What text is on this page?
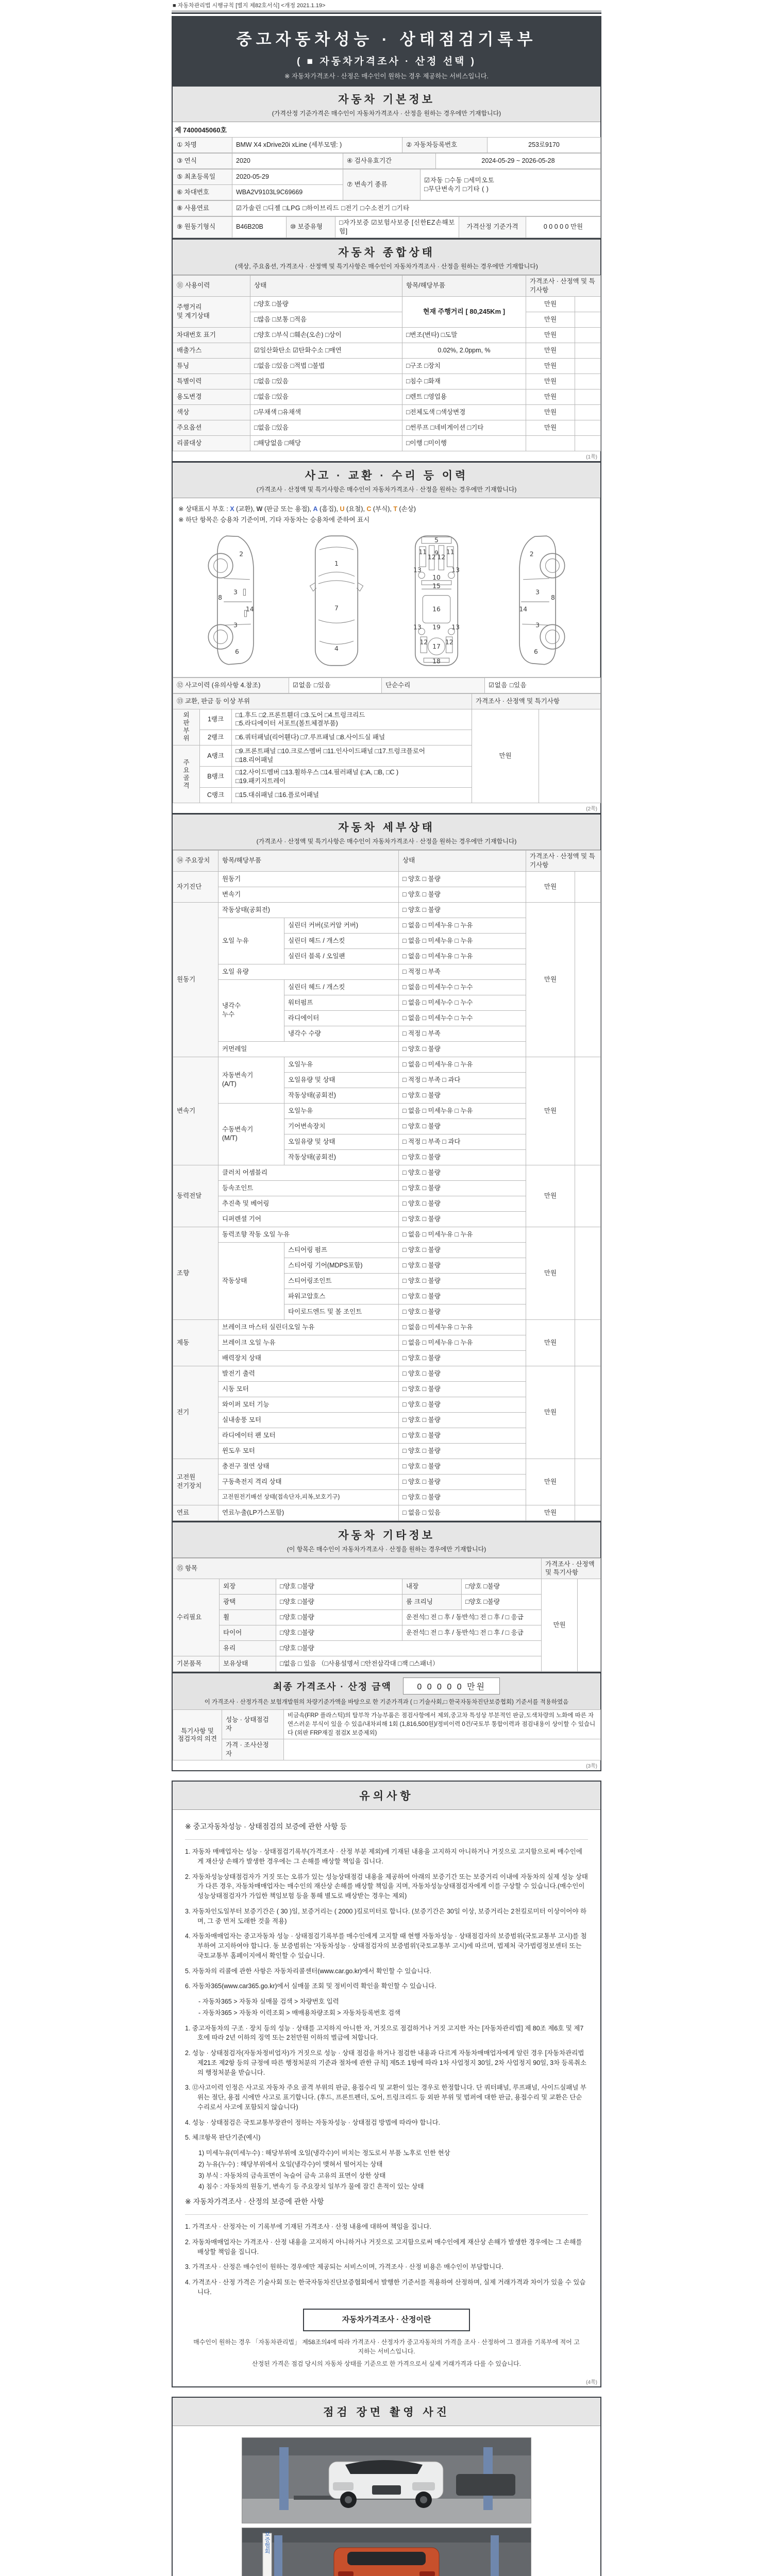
■ 자동차관리법 시행규칙 [별지 제82호서식] <개정 2021.1.19>
중고자동차성능 · 상태점검기록부
( ■ 자동차가격조사 · 산정 선택 )
※ 자동차가격조사 · 산정은 매수인이 원하는 경우 제공하는 서비스입니다.
자동차 기본정보
(가격산정 기준가격은 매수인이 자동차가격조사 · 산정을 원하는 경우에만 기재합니다)
제 7400045060호
① 차명	BMW X4 xDrive20i xLine (세부모델: )	② 자동차등록번호	253로9170
③ 연식	2020	④ 검사유효기간	2024-05-29 ~ 2026-05-28
⑤ 최초등록일	2020-05-29	⑦ 변속기 종류	☑자동 □수동 □세미오토
□무단변속기 □기타 ( )

⑥ 차대번호	WBA2V9103L9C69669		
⑧ 사용연료	☑가솔린 □디젤 □LPG □하이브리드 □전기 □수소전기 □기타
⑨ 원동기형식	B46B20B	⑩ 보증유형	□자가보증 ☑보험사보증 [신한EZ손해보험]	가격산정 기준가격	0 0 0 0 0 만원
자동차 종합상태
(색상, 주요옵션, 가격조사 · 산정액 및 특기사항은 매수인이 자동차가격조사 · 산정을 원하는 경우에만 기재합니다)
⑪ 사용이력	상태	항목/해당부품	가격조사 · 산정액 및 특기사항	
주행거리
및 계기상태	□양호 □불량	현재 주행거리 [ 80,245Km ]	만원	
	□많음 □보통 □적음		만원	
차대번호 표기	□양호 □부식 □훼손(오손) □상이	□변조(변타) □도말	만원	
배출가스	☑일산화탄소 ☑탄화수소 □매연	0.02%, 2.0ppm, %	만원	
튜닝	□없음 □있음 □적법 □불법	□구조 □장치	만원	
특별이력	□없음 □있음	□침수 □화재	만원	
용도변경	□없음 □있음	□렌트 □영업용	만원	
색상	□무채색 □유채색	□전체도색 □색상변경	만원	
주요옵션	□없음 □있음	□썬루프 □네비게이션 □기타	만원	
리콜대상	□해당없음 □해당	□이행 □미이행		
(1쪽)
사고 · 교환 · 수리 등 이력
(가격조사 · 산정액 및 특기사항은 매수인이 자동차가격조사 · 산정을 원하는 경우에만 기재합니다)
※ 상태표시 부호 : X (교환), W (판금 또는 용접), A (흠집), U (요철), C (부식), T (손상)
※ 하단 항목은 승용차 기준이며, 기타 자동차는 승용차에 준하여 표시
2
8
3
14
3
6
1
7
4
5
9
11	11
13	13
12 12
10
15
16
13 19 13
12
17
12
18
2
8
3
14
3
6
⑫ 사고이력 (유의사항 4.참조)	☑없음 □있음	단순수리	☑없음 □있음
⑬ 교환, 판금 등 이상 부위			가격조사 · 산정액 및 특기사항	
외
판
부
위
	1랭크	□1.후드 □2.프론트휀더 □3.도어 □4.트렁크리드
□5.라디에이터 서포트(볼트체결부품)
	만원	
	2랭크	□6.쿼터패널(리어휀다) □7.루프패널 □8.사이드실 패널		
주
요
골
격
	A랭크	□9.프론트패널 □10.크로스멤버 □11.인사이드패널 □17.트렁크플로어
□18.리어패널

	B랭크	□12.사이드멤버 □13.휠하우스 □14.필러패널 (□A, □B, □C )
□19.패키지트레이		

	C랭크	□15.대쉬패널 □16.플로어패널		
(2쪽)
자동차 세부상태
(가격조사 · 산정액 및 특기사항은 매수인이 자동차가격조사 · 산정을 원하는 경우에만 기재합니다)
⑭ 주요장치	항목/해당부품		상태	가격조사 · 산정액 및 특기사항	
자기진단	원동기		□ 양호 □ 불량	만원	
	변속기		□ 양호 □ 불량		
원동기	작동상태(공회전)		□ 양호 □ 불량	만원	
	오일 누유	실린더 커버(로커암 커버)	□ 없음 □ 미세누유 □ 누유		
		실린더 헤드 / 개스킷	□ 없음 □ 미세누유 □ 누유		
		실린더 블록 / 오일팬	□ 없음 □ 미세누유 □ 누유		
	오일 유량		□ 적정 □ 부족		
	냉각수
누수	실린더 헤드 / 개스킷	□ 없음 □ 미세누수 □ 누수		
		워터펌프	□ 없음 □ 미세누수 □ 누수		
		라디에이터	□ 없음 □ 미세누수 □ 누수		
		냉각수 수량	□ 적정 □ 부족		
	커먼레일		□ 양호 □ 불량		
변속기	자동변속기
(A/T)	오일누유	□ 없음 □ 미세누유 □ 누유	만원	
		오일유량 및 상태	□ 적정 □ 부족 □ 과다		
		작동상태(공회전)	□ 양호 □ 불량		
	수동변속기
(M/T)	오일누유	□ 없음 □ 미세누유 □ 누유		
		기어변속장치	□ 양호 □ 불량		
		오일유량 및 상태	□ 적정 □ 부족 □ 과다		
		작동상태(공회전)	□ 양호 □ 불량		
동력전달	클러치 어셈블리		□ 양호 □ 불량	만원	
	등속조인트		□ 양호 □ 불량		
	추진축 및 베어링		□ 양호 □ 불량		
	디퍼렌셜 기어		□ 양호 □ 불량		
조향	동력조향 작동 오일 누유		□ 없음 □ 미세누유 □ 누유	만원	
	작동상태	스티어링 펌프	□ 양호 □ 불량		
		스티어링 기어(MDPS포함)	□ 양호 □ 불량		
		스티어링조인트	□ 양호 □ 불량		
		파워고압호스	□ 양호 □ 불량		
		타이로드엔드 및 볼 조인트	□ 양호 □ 불량		
제동	브레이크 마스터 실린더오일 누유		□ 없음 □ 미세누유 □ 누유	만원	
	브레이크 오일 누유		□ 없음 □ 미세누유 □ 누유		
	배력장치 상태		□ 양호 □ 불량		
전기	발전기 출력		□ 양호 □ 불량	만원	
	시동 모터		□ 양호 □ 불량		
	와이퍼 모터 기능		□ 양호 □ 불량		
	실내송풍 모터		□ 양호 □ 불량		
	라디에이터 팬 모터		□ 양호 □ 불량		
	윈도우 모터		□ 양호 □ 불량		
고전원
전기장치	충전구 절연 상태		□ 양호 □ 불량	만원	
	구동축전지 격리 상태		□ 양호 □ 불량		
	고전원전기배선 상태(접속단자,피복,보호기구)		□ 양호 □ 불량		
연료	연료누출(LP가스포함)		□ 없음 □ 있음	만원	
자동차 기타정보
(이 항목은 매수인이 자동차가격조사 · 산정을 원하는 경우에만 기재합니다)
⑮ 항목					가격조사 · 산정액 및 특기사항	
수리필요	외장	□양호 □불량	내장	□양호 □불량	만원	
	광택	□양호 □불량	룸 크리닝	□양호 □불량		
	휠	□양호 □불량	운전석□ 전 □ 후 / 동반석□ 전 □ 후 / □ 응급			
	타이어	□양호 □불량	운전석□ 전 □ 후 / 동반석□ 전 □ 후 / □ 응급			
	유리	□양호 □불량				
기본품목	보유상태	□없음 □ 있음 （□사용설명서 □안전삼각대 □잭 □스패너）				
최종 가격조사 · 산정 금액	0 0 0 0 0 만원
이 가격조사 · 산정가격은 보험개발원의 차량기준가액을 바탕으로 한 기준가격과 ( □ 기술사회,□ 한국자동차진단보증협회) 기준서를 적용하였음
특기사항 및
점검자의 의견	성능 · 상태점검
자	비금속(FRP 플라스틱)의 탈부착 가능부품은 점검사항에서 제외,중고차 특성상 부분적인 판금,도색차량의 노화에 따른 자연스러운 부식이 있을 수 있음/내차피해 1회 (1,816,500원)/정비이력 0건/국토부 통합이력과 점검내용이 상이할 수 있습니다 (외판 FRP재질 점검X 보증제외)
	가격 · 조사산정
자	

(3쪽)
유의사항
※ 중고자동차성능 · 상태점검의 보증에 관한 사항 등
1. 자동차 매매업자는 성능 · 상태점검기록부(가격조사 · 산정 부분 제외)에 기재된 내용을 고지하지 아니하거나 거짓으로 고지함으로써 매수인에게 재산상 손해가 발생한 경우에는 그 손해를 배상할 책임을 집니다.
2. 자동차성능상태점검자가 거짓 또는 오류가 있는 성능상태점검 내용을 제공하여 아래의 보증기간 또는 보증거리 이내에 자동차의 실제 성능 상태가 다른 경우, 자동차매매업자는 매수인의 재산상 손해를 배상할 책임을 지며, 자동차성능상태점검자에게 이를 구상할 수 있습니다.(매수인이 성능상태점검자가 가입한 책임보험 등을 통해 별도로 배상받는 경우는 제외)
3. 자동차인도일부터 보증기간은 ( 30 )일, 보증거리는 ( 2000 )킬로미터로 합니다. (보증기간은 30일 이상, 보증거리는 2천킬로미터 이상이어야 하며, 그 중 먼저 도래한 것을 적용)
4. 자동차매매업자는 중고자동차 성능 · 상태점검기록부를 매수인에게 고지할 때 현행 자동차성능 · 상태점검자의 보증범위(국토교통부 고시)를 첨부하여 고지하여야 합니다. 동 보증범위는 '자동차성능 · 상태점검자의 보증범위'(국토교통부 고시)에 따르며, 법제처 국가법령정보센터 또는 국토교통부 홈페이지에서 확인할 수 있습니다.
5. 자동차의 리콜에 관한 사항은 자동차리콜센터(www.car.go.kr)에서 확인할 수 있습니다.
6. 자동차365(www.car365.go.kr)에서 실매물 조회 및 정비이력 확인을 확인할 수 있습니다.
- 자동차365 > 자동차 실매물 검색 > 차량번호 입력
- 자동차365 > 자동차 이력조회 > 매매용차량조회 > 자동차등록번호 검색
1. 중고자동차의 구조 · 장치 등의 성능 · 상태를 고지하지 아니한 자, 거짓으로 점검하거나 거짓 고지한 자는 [자동차관리법] 제 80조 제6호 및 제7호에 따라 2년 이하의 징역 또는 2천만원 이하의 벌금에 처합니다.
2. 성능 · 상태점검자(자동차정비업자)가 거짓으로 성능 · 상태 점검을 하거나 점검한 내용과 다르게 자동차매매업자에게 알린 경우 [자동차관리법 제21조 제2항 등의 규정에 따른 행정처분의 기준과 절차에 관한 규칙] 제5조 1항에 따라 1차 사업정지 30일, 2차 사업정지 90일, 3차 등록취소의 행정처분을 받습니다.
3. ⑫사고이력 인정은 사고로 자동차 주요 골격 부위의 판금, 용접수리 및 교환이 있는 경우로 한정합니다. 단 쿼터패널, 루프패널, 사이드실패널 부위는 절단, 용접 시에만 사고로 표기합니다. (후드, 프론트펜더, 도어, 트렁크리드 등 외판 부위 및 범퍼에 대한 판금, 용접수리 및 교환은 단순수리로서 사고에 포함되지 않습니다)
4. 성능 · 상태점검은 국토교통부장관이 정하는 자동차성능 · 상태점검 방법에 따라야 합니다.
5. 체크항목 판단기준(예시)
1) 미세누유(미세누수) : 해당부위에 오일(냉각수)이 비치는 정도로서 부품 노후로 인한 현상
2) 누유(누수) : 해당부위에서 오일(냉각수)이 맺혀서 떨어지는 상태
3) 부식 : 자동차의 금속표면이 녹슬어 금속 고유의 표면이 상한 상태
4) 침수 : 자동차의 원동기, 변속기 등 주요장치 일부가 물에 잠긴 흔적이 있는 상태
※ 자동차가격조사 · 산정의 보증에 관한 사항
1. 가격조사 · 산정자는 이 기록부에 기재된 가격조사 · 산정 내용에 대하여 책임을 집니다.
2. 자동차매매업자는 가격조사 · 산정 내용을 고지하지 아니하거나 거짓으로 고지함으로써 매수인에게 재산상 손해가 발생한 경우에는 그 손해를 배상할 책임을 집니다.
3. 가격조사 · 산정은 매수인이 원하는 경우에만 제공되는 서비스이며, 가격조사 · 산정 비용은 매수인이 부담합니다.
4. 가격조사 · 산정 가격은 기술사회 또는 한국자동차진단보증협회에서 발행한 기준서를 적용하여 산정하며, 실제 거래가격과 차이가 있을 수 있습니다.
자동차가격조사 · 산정이란
매수인이 원하는 경우 「자동차관리법」 제58조의4에 따라 가격조사 · 산정자가 중고자동차의 가격을 조사 · 산정하여 그 결과를 기록부에 적어 고지하는 서비스입니다.
산정된 가격은 점검 당시의 자동차 상태를 기준으로 한 가격으로서 실제 거래가격과 다를 수 있습니다.
(4쪽)
점검 장면 촬영 사진
보증협회
